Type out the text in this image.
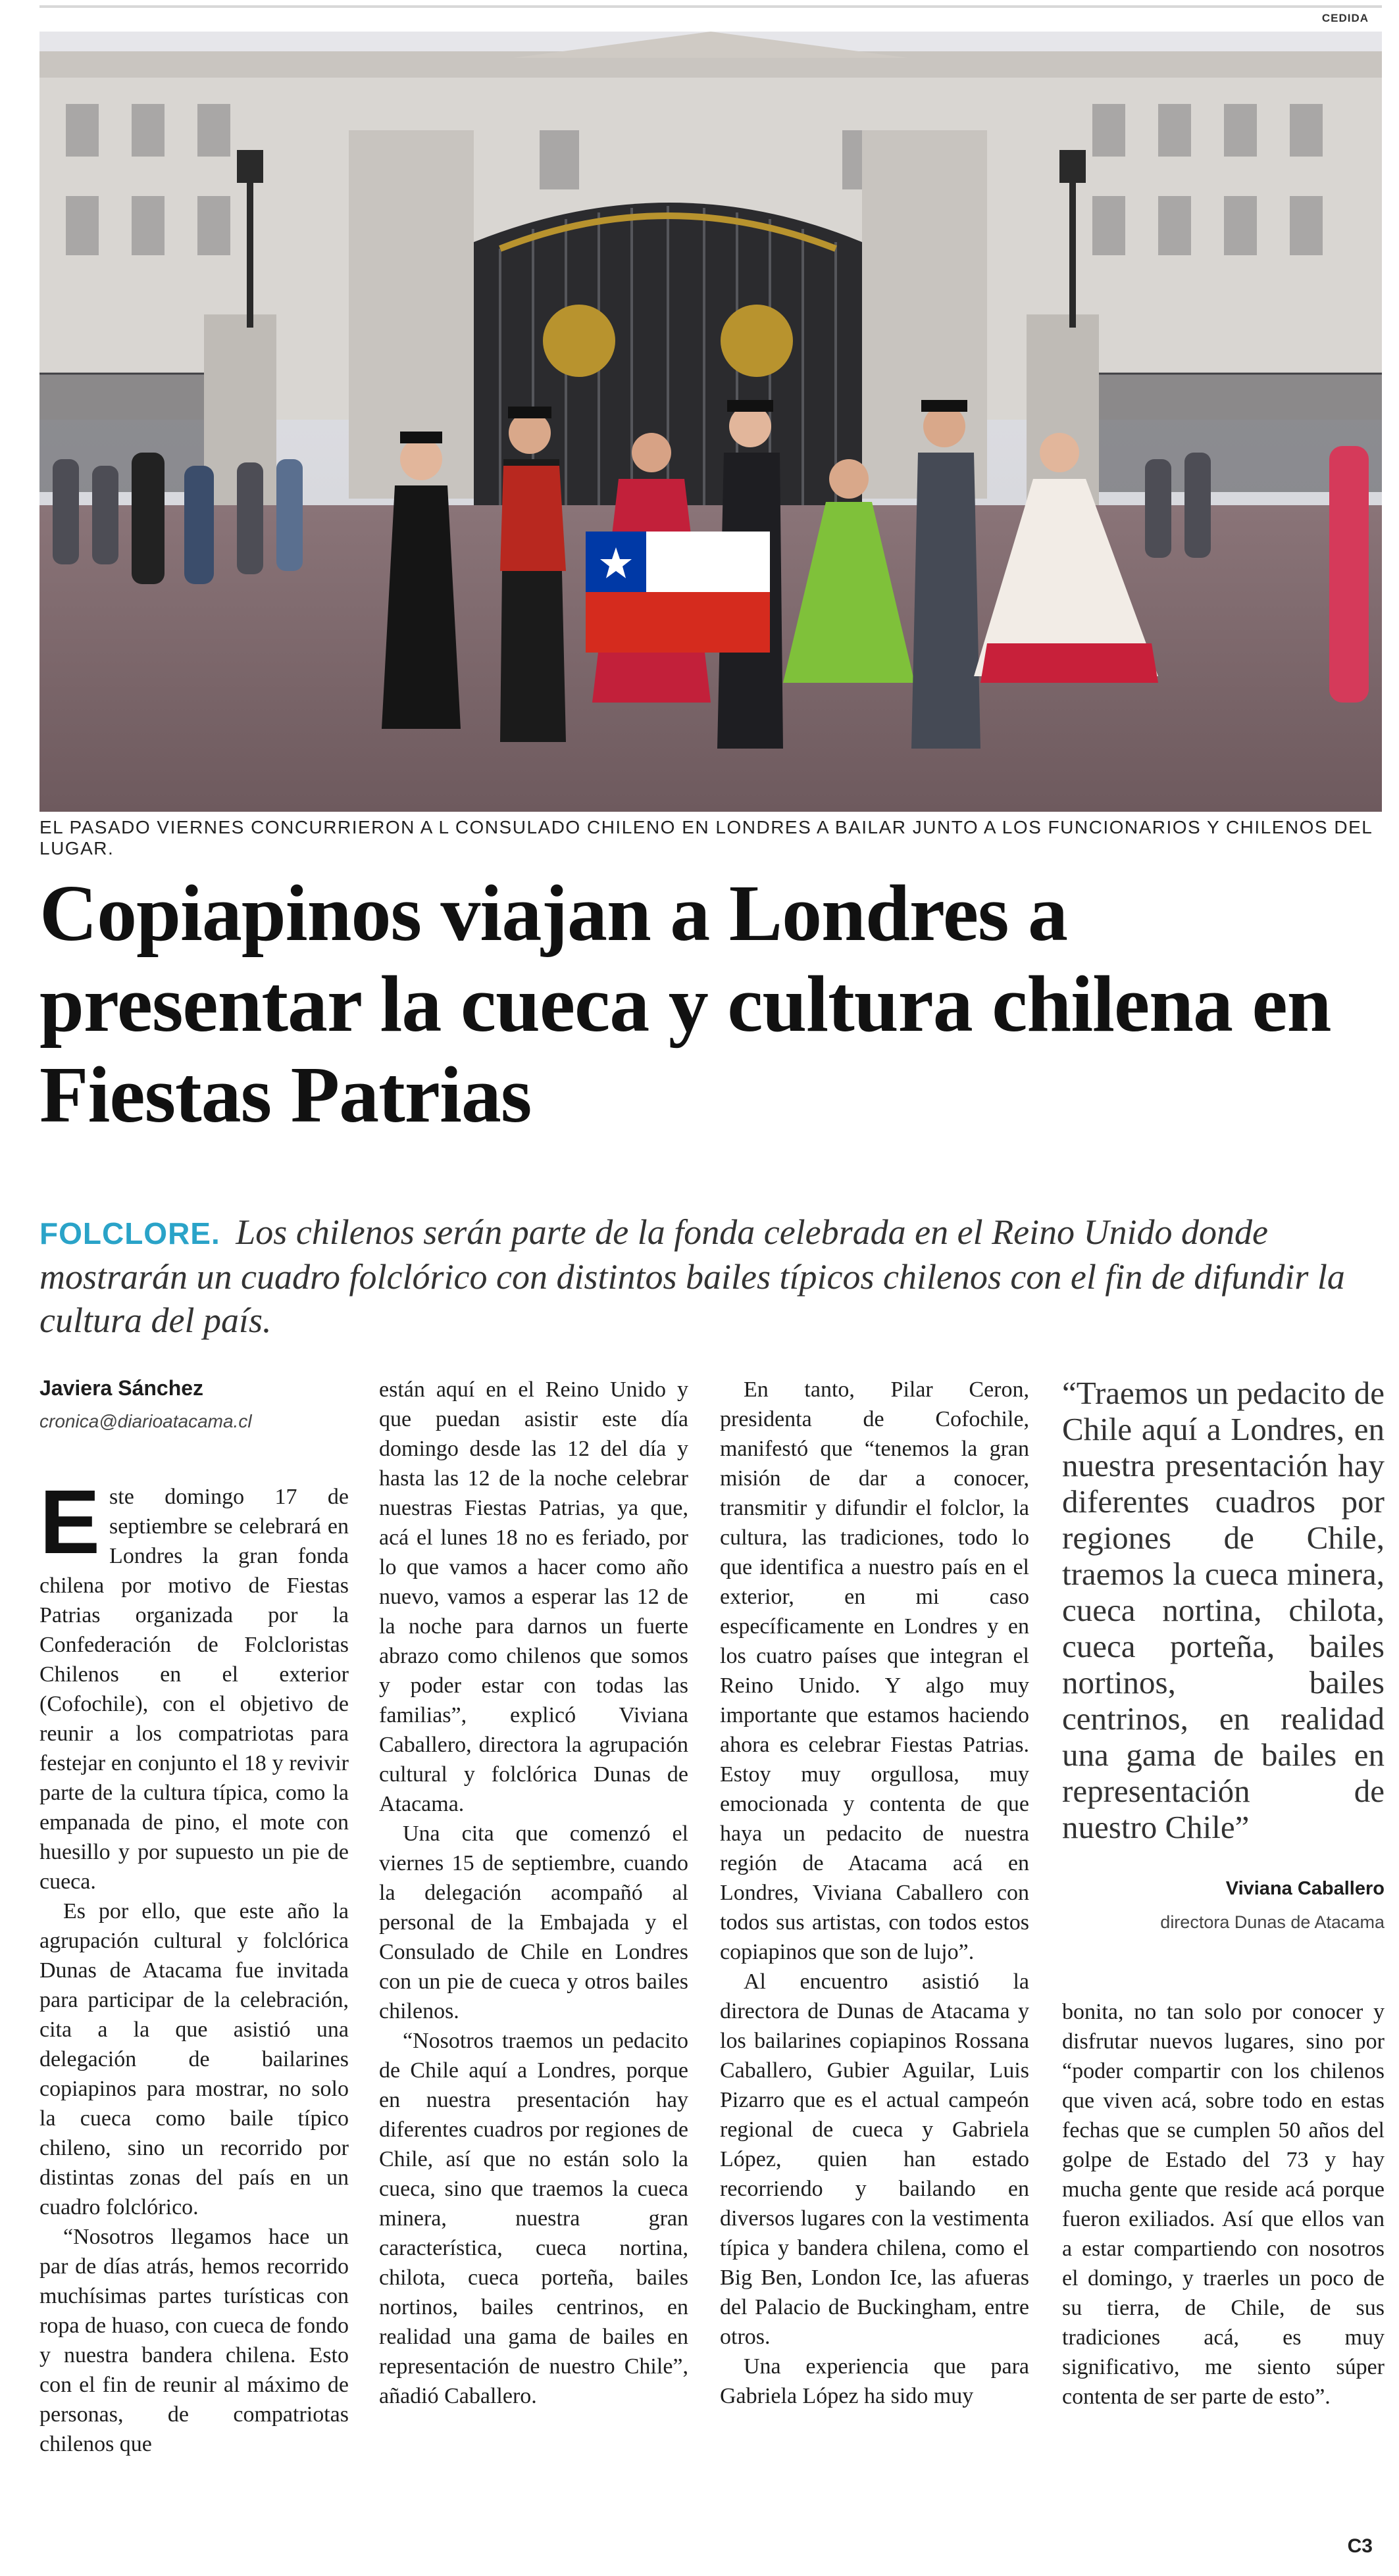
CEDIDA
EL PASADO VIERNES CONCURRIERON A L CONSULADO CHILENO EN LONDRES A BAILAR JUNTO A LOS FUNCIONARIOS Y CHILENOS DEL LUGAR.
Copiapinos viajan a Londres a presentar la cueca y cultura chilena en Fiestas Patrias
FOLCLORE. Los chilenos serán parte de la fonda celebrada en el Reino Unido donde mostrarán un cuadro folclórico con distintos bailes típicos chilenos con el fin de difundir la cultura del país.
Javiera Sánchez
cronica@diarioatacama.cl

Este domingo 17 de septiembre se celebrará en Londres la gran fonda chilena por motivo de Fiestas Patrias organizada por la Confederación de Folcloristas Chilenos en el exterior (Cofochile), con el objetivo de reunir a los compatriotas para festejar en conjunto el 18 y revivir parte de la cultura típica, como la empanada de pino, el mote con huesillo y por supuesto un pie de cueca.

Es por ello, que este año la agrupación cultural y folclórica Dunas de Atacama fue invitada para participar de la celebración, cita a la que asistió una delegación de bailarines copiapinos para mostrar, no solo la cueca como baile típico chileno, sino un recorrido por distintas zonas del país en un cuadro folclórico.

“Nosotros llegamos hace un par de días atrás, hemos recorrido muchísimas partes turísticas con ropa de huaso, con cueca de fondo y nuestra bandera chilena. Esto con el fin de reunir al máximo de personas, de compatriotas chilenos que

están aquí en el Reino Unido y que puedan asistir este día domingo desde las 12 del día y hasta las 12 de la noche celebrar nuestras Fiestas Patrias, ya que, acá el lunes 18 no es feriado, por lo que vamos a hacer como año nuevo, vamos a esperar las 12 de la noche para darnos un fuerte abrazo como chilenos que somos y poder estar con todas las familias”, explicó Viviana Caballero, directora la agrupación cultural y folclórica Dunas de Atacama.

Una cita que comenzó el viernes 15 de septiembre, cuando la delegación acompañó al personal de la Embajada y el Consulado de Chile en Londres con un pie de cueca y otros bailes chilenos.

“Nosotros traemos un pedacito de Chile aquí a Londres, porque en nuestra presentación hay diferentes cuadros por regiones de Chile, así que no están solo la cueca, sino que traemos la cueca minera, nuestra gran característica, cueca nortina, chilota, cueca porteña, bailes nortinos, bailes centrinos, en realidad una gama de bailes en representación de nuestro Chile”, añadió Caballero.

En tanto, Pilar Ceron, presidenta de Cofochile, manifestó que “tenemos la gran misión de dar a conocer, transmitir y difundir el folclor, la cultura, las tradiciones, todo lo que identifica a nuestro país en el exterior, en mi caso específicamente en Londres y en los cuatro países que integran el Reino Unido. Y algo muy importante que estamos haciendo ahora es celebrar Fiestas Patrias. Estoy muy orgullosa, muy emocionada y contenta de que haya un pedacito de nuestra región de Atacama acá en Londres, Viviana Caballero con todos sus artistas, con todos estos copiapinos que son de lujo”.

Al encuentro asistió la directora de Dunas de Atacama y los bailarines copiapinos Rossana Caballero, Gubier Aguilar, Luis Pizarro que es el actual campeón regional de cueca y Gabriela López, quien han estado recorriendo y bailando en diversos lugares con la vestimenta típica y bandera chilena, como el Big Ben, London Ice, las afueras del Palacio de Buckingham, entre otros.

Una experiencia que para Gabriela López ha sido muy

“Traemos un pedacito de Chile aquí a Londres, en nuestra presentación hay diferentes cuadros por regiones de Chile, traemos la cueca minera, cueca nortina, chilota, cueca porteña, bailes nortinos, bailes centrinos, en realidad una gama de bailes en representación de nuestro Chile”

Viviana Caballero
directora Dunas de Atacama

bonita, no tan solo por conocer y disfrutar nuevos lugares, sino por “poder compartir con los chilenos que viven acá, sobre todo en estas fechas que se cumplen 50 años del golpe de Estado del 73 y hay mucha gente que reside acá porque fueron exiliados. Así que ellos van a estar compartiendo con nosotros el domingo, y traerles un poco de su tierra, de Chile, de sus tradiciones acá, es muy significativo, me siento súper contenta de ser parte de esto”.

C3
